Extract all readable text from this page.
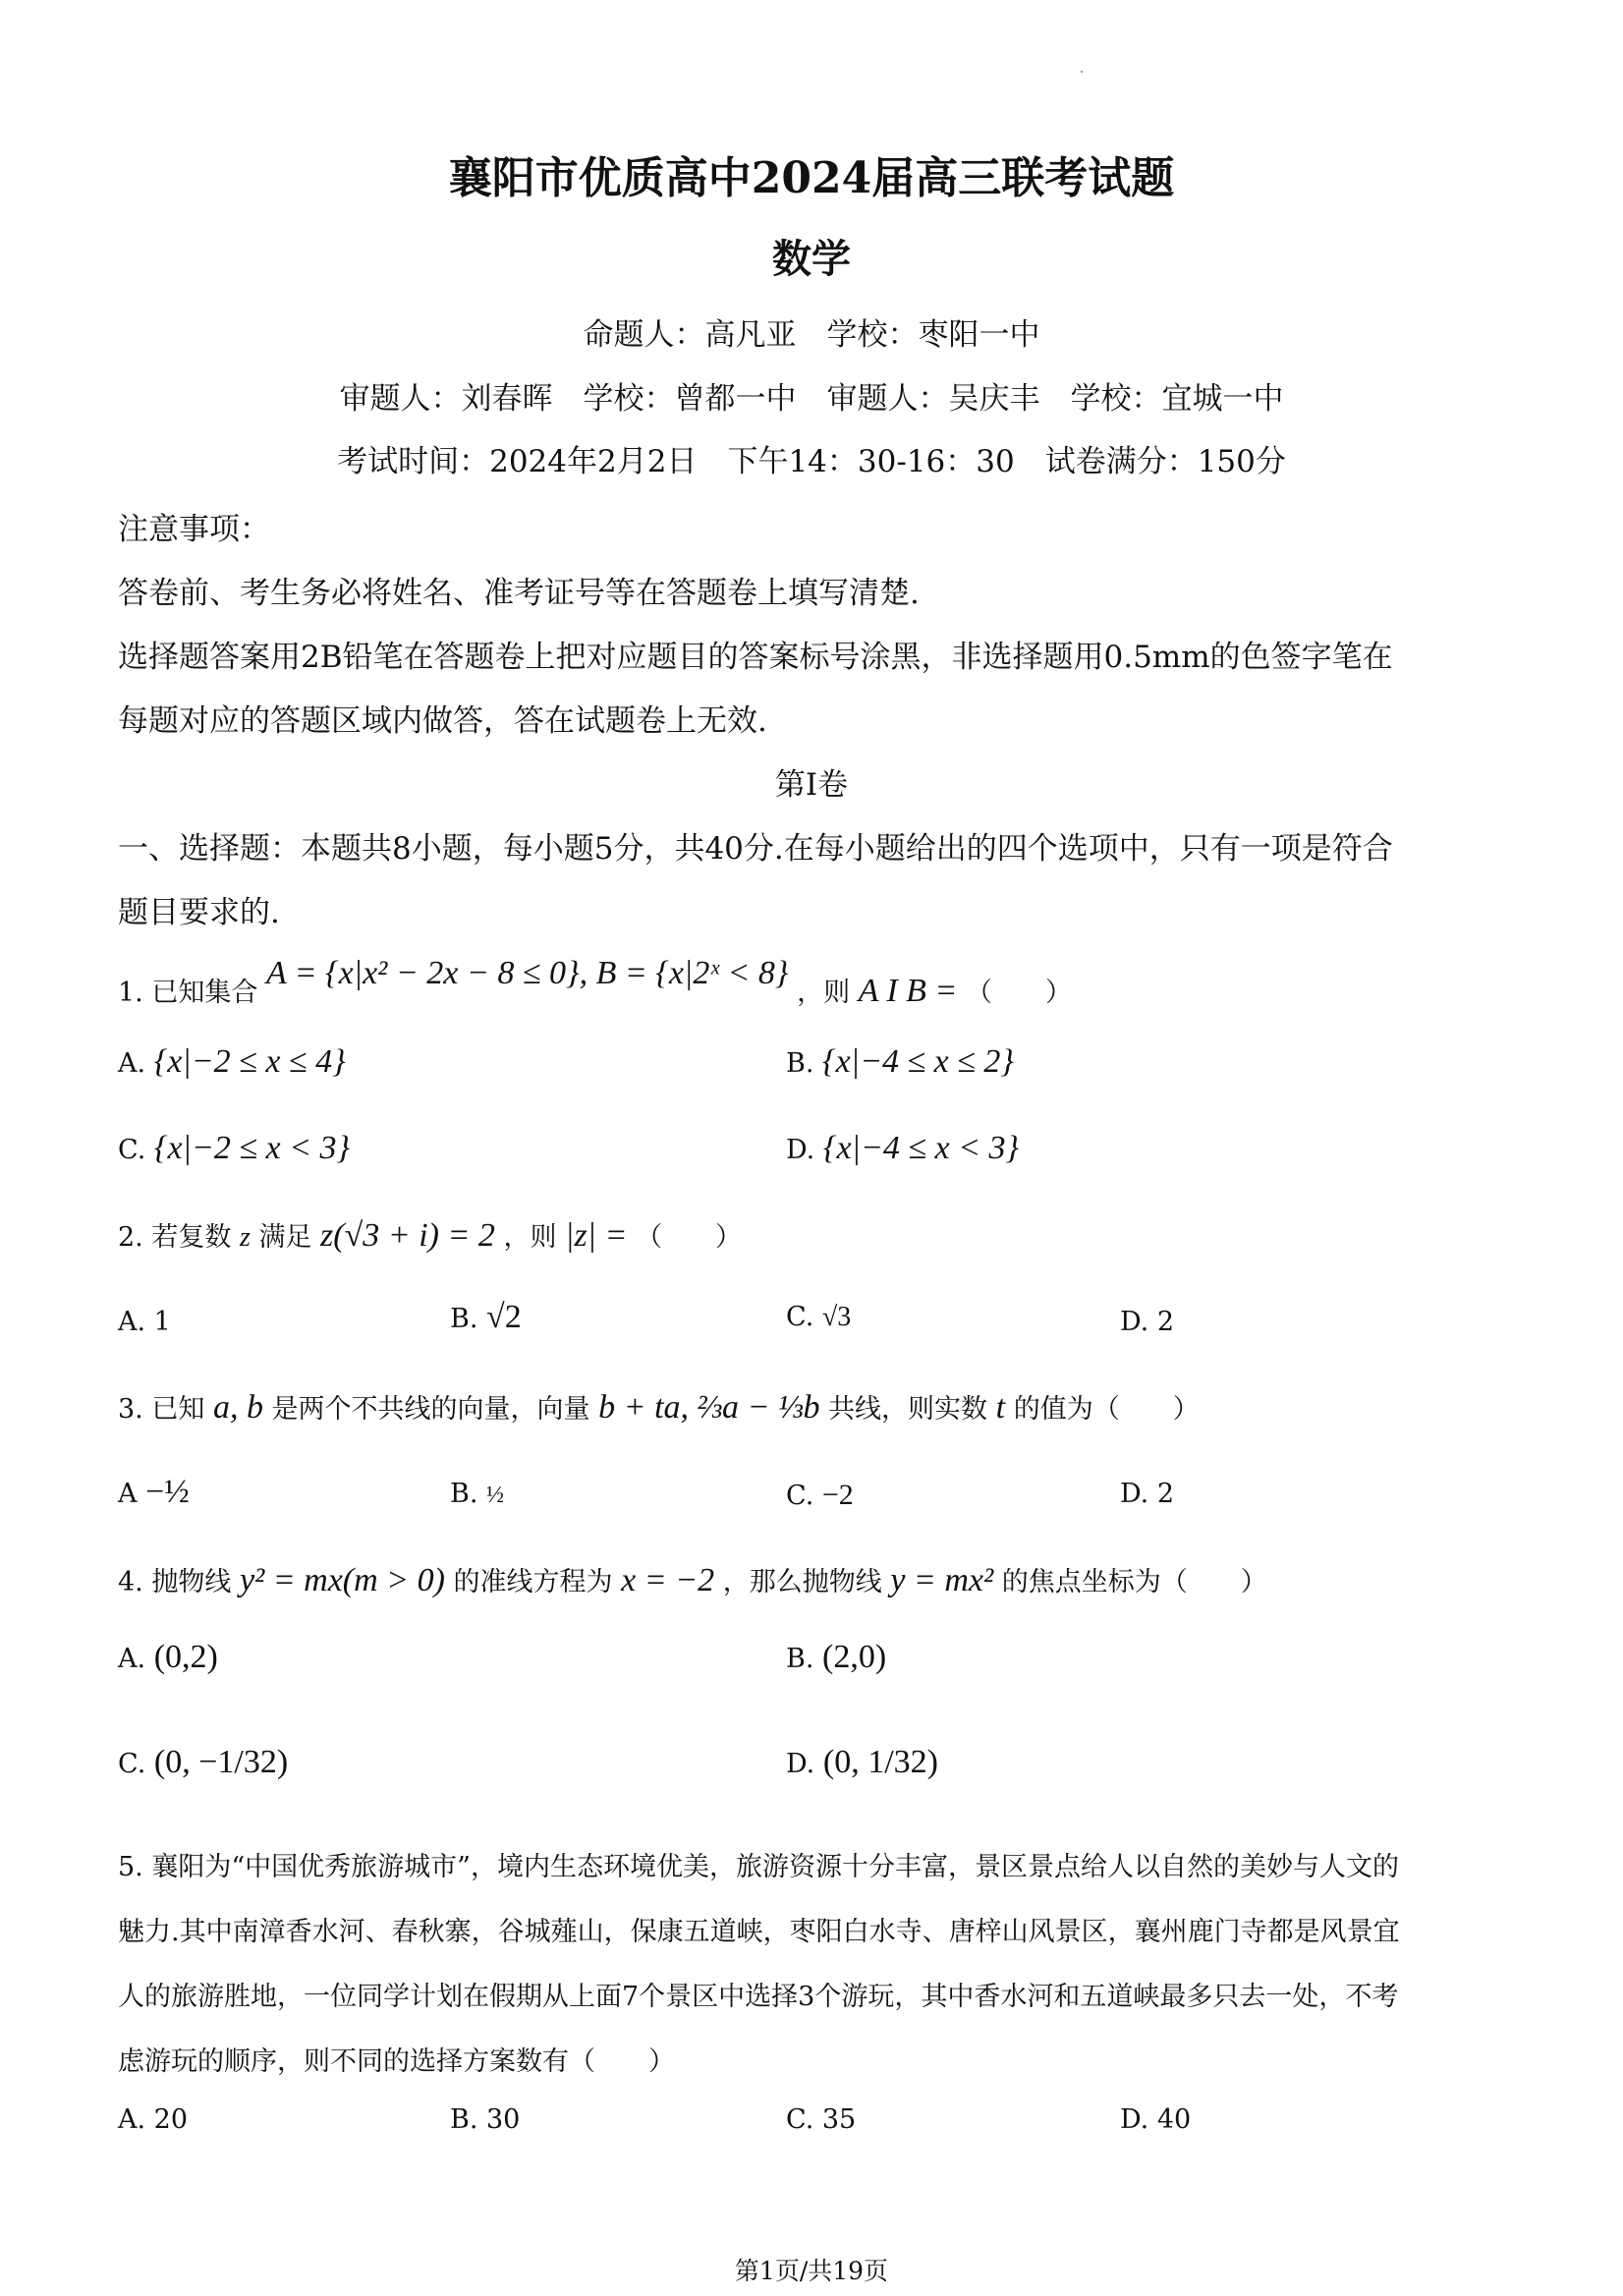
襄阳市优质高中2024届高三联考试题
数学
命题人：高凡亚　学校：枣阳一中
审题人：刘春晖　学校：曾都一中　审题人：吴庆丰　学校：宜城一中
考试时间：2024年2月2日　下午14：30-16：30　试卷满分：150分
注意事项：
答卷前、考生务必将姓名、准考证号等在答题卷上填写清楚.
选择题答案用2B铅笔在答题卷上把对应题目的答案标号涂黑，非选择题用0.5mm的色签字笔在
每题对应的答题区域内做答，答在试题卷上无效.
第Ⅰ卷
一、选择题：本题共8小题，每小题5分，共40分.在每小题给出的四个选项中，只有一项是符合
题目要求的.
1. 已知集合 A = {x|x² − 2x − 8 ≤ 0}, B = {x|2ˣ < 8} ，则 A I B = （　　）
A. {x|−2 ≤ x ≤ 4}	B. {x|−4 ≤ x ≤ 2}
C. {x|−2 ≤ x < 3}	D. {x|−4 ≤ x < 3}
2. 若复数 z 满足 z(√3 + i) = 2 ，则 |z| = （　　）
A. 1	B. √2	C. √3	D. 2
3. 已知 a, b 是两个不共线的向量，向量 b + ta, ⅔a − ⅓b 共线，则实数 t 的值为（　　）
A −½	B. ½	C. −2	D. 2
4. 抛物线 y² = mx(m > 0) 的准线方程为 x = −2 ，那么抛物线 y = mx² 的焦点坐标为（　　）
A. (0,2)	B. (2,0)
C. (0, −1/32)	D. (0, 1/32)
5. 襄阳为“中国优秀旅游城市”，境内生态环境优美，旅游资源十分丰富，景区景点给人以自然的美妙与人文的
魅力.其中南漳香水河、春秋寨，谷城薤山，保康五道峡，枣阳白水寺、唐梓山风景区，襄州鹿门寺都是风景宜
人的旅游胜地，一位同学计划在假期从上面7个景区中选择3个游玩，其中香水河和五道峡最多只去一处，不考
虑游玩的顺序，则不同的选择方案数有（　　）
A. 20	B. 30	C. 35	D. 40
第1页/共19页
